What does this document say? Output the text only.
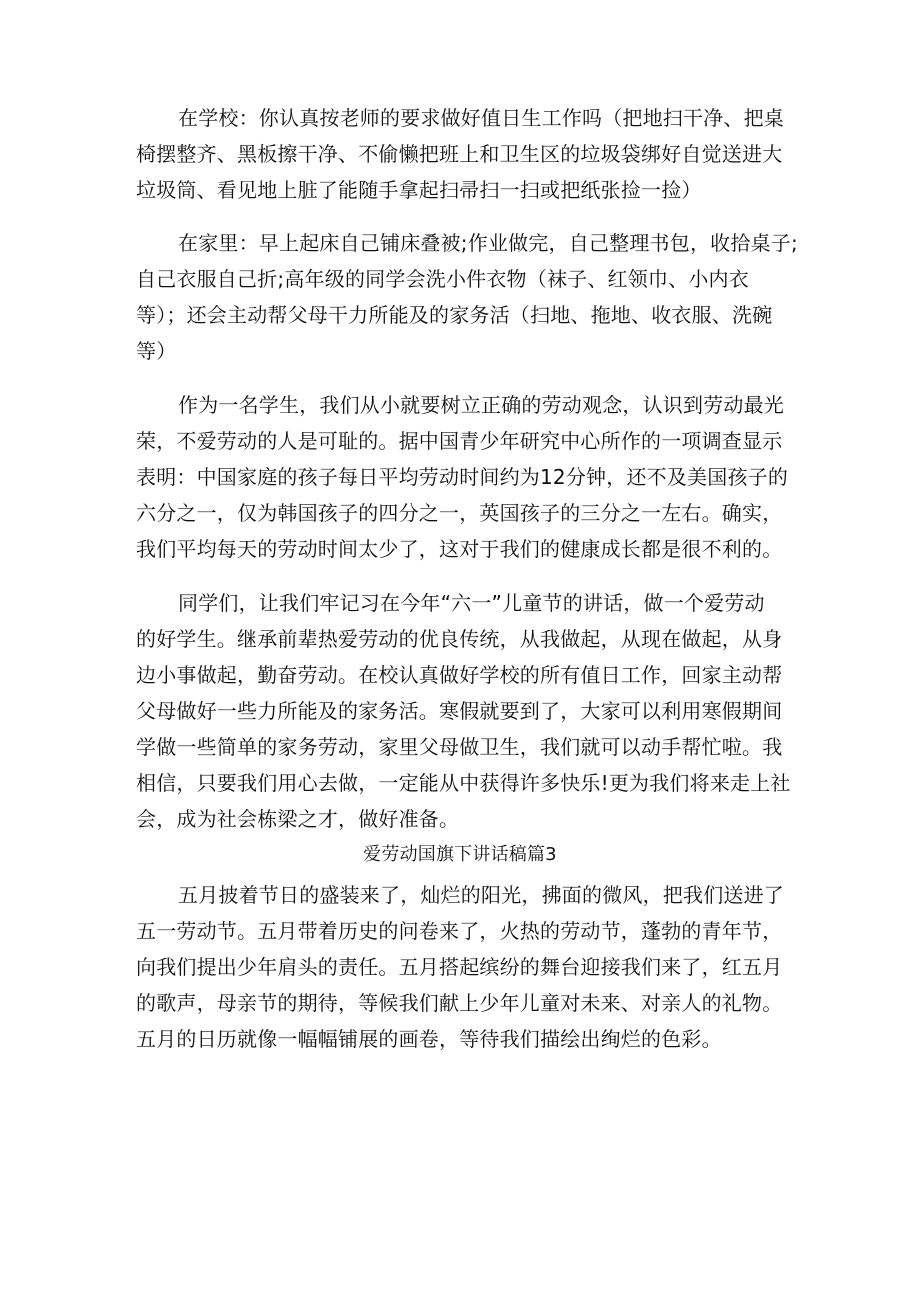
在学校：你认真按老师的要求做好值日生工作吗（把地扫干净、把桌
椅摆整齐、黑板擦干净、不偷懒把班上和卫生区的垃圾袋绑好自觉送进大
垃圾筒、看见地上脏了能随手拿起扫帚扫一扫或把纸张捡一捡）
在家里：早上起床自己铺床叠被;作业做完，自己整理书包，收拾桌子;
自己衣服自己折;高年级的同学会洗小件衣物（袜子、红领巾、小内衣
等）；还会主动帮父母干力所能及的家务活（扫地、拖地、收衣服、洗碗
等）
作为一名学生，我们从小就要树立正确的劳动观念，认识到劳动最光
荣，不爱劳动的人是可耻的。据中国青少年研究中心所作的一项调查显示
表明：中国家庭的孩子每日平均劳动时间约为12分钟，还不及美国孩子的
六分之一，仅为韩国孩子的四分之一，英国孩子的三分之一左右。确实，
我们平均每天的劳动时间太少了，这对于我们的健康成长都是很不利的。
同学们，让我们牢记习在今年“六一”儿童节的讲话，做一个爱劳动
的好学生。继承前辈热爱劳动的优良传统，从我做起，从现在做起，从身
边小事做起，勤奋劳动。在校认真做好学校的所有值日工作，回家主动帮
父母做好一些力所能及的家务活。寒假就要到了，大家可以利用寒假期间
学做一些简单的家务劳动，家里父母做卫生，我们就可以动手帮忙啦。我
相信，只要我们用心去做，一定能从中获得许多快乐!更为我们将来走上社
会，成为社会栋梁之才，做好准备。
爱劳动国旗下讲话稿篇3
五月披着节日的盛装来了，灿烂的阳光，拂面的微风，把我们送进了
五一劳动节。五月带着历史的问卷来了，火热的劳动节，蓬勃的青年节，
向我们提出少年肩头的责任。五月搭起缤纷的舞台迎接我们来了，红五月
的歌声，母亲节的期待，等候我们献上少年儿童对未来、对亲人的礼物。
五月的日历就像一幅幅铺展的画卷，等待我们描绘出绚烂的色彩。
